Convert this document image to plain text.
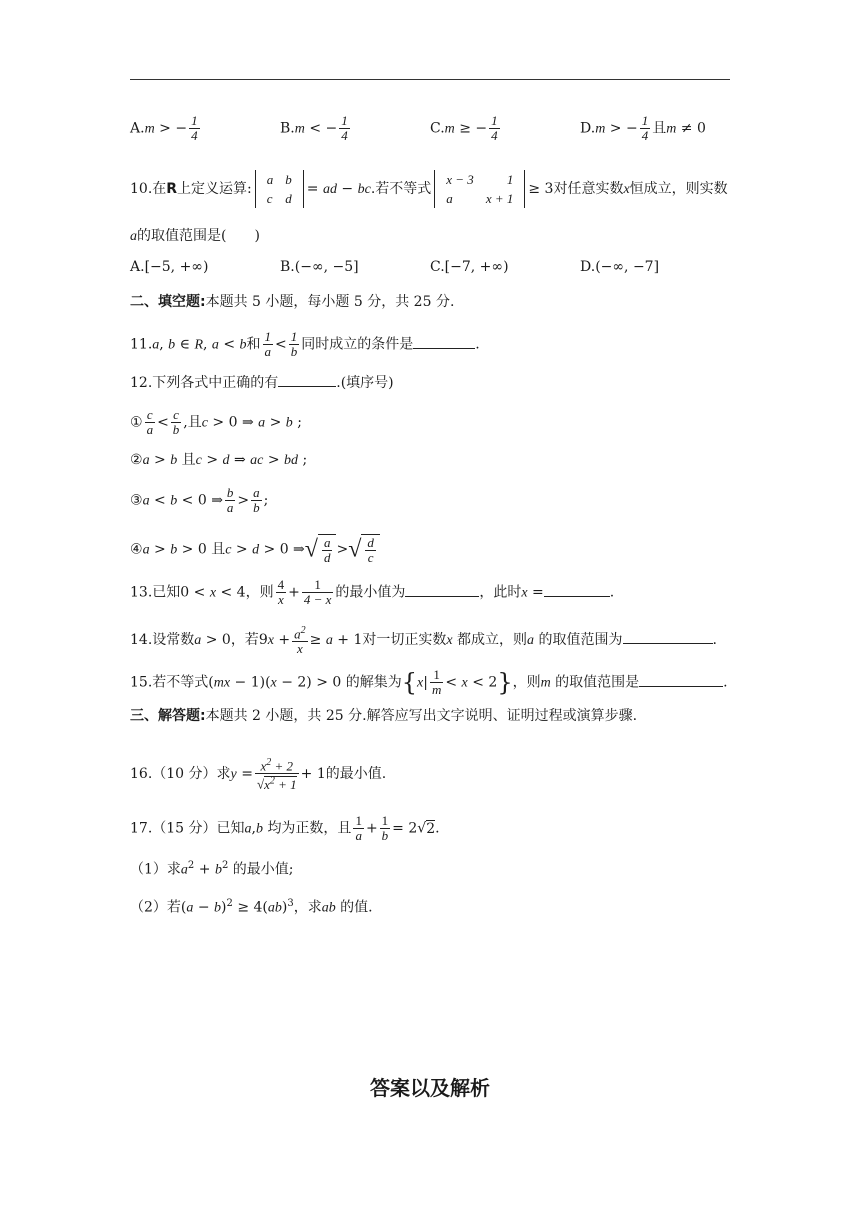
A.m > − $\frac{1}{4}$	B.m < − $\frac{1}{4}$	C.m ≥ − $\frac{1}{4}$	D.m > − $\frac{1}{4}$ 且m ≠ 0
10.在R上定义运算:
a	b
c	d
= ad − bc.若不等式
x − 3	1
a	x + 1
≥ 3对任意实数x恒成立，则实数
a的取值范围是(　　)
A.[−5, +∞)	B.(−∞, −5]	C.[−7, +∞)	D.(−∞, −7]
二、填空题:本题共 5 小题，每小题 5 分，共 25 分.
11.a, b ∈ R, a < b和 $\frac{1}{a} < \frac{1}{b}$ 同时成立的条件是	.
12.下列各式中正确的有	.(填序号)
① $\frac{c}{a} < \frac{c}{b}$ ,且c > 0 ⇒ a > b ;
②a > b 且c > d ⇒ ac > bd ;
③a < b < 0 ⇒ $\frac{b}{a} > \frac{a}{b}$ ;
④a > b > 0 且c > d > 0 ⇒√ $\frac{a}{d}$ >√ $\frac{d}{c}$
13.已知0 < x < 4，则 $\frac{4}{x} + \frac{1}{4 - x}$ 的最小值为	，此时x =	.
14.设常数a > 0，若$9x + \frac{a^2}{x} \ge a + 1$对一切正实数x 都成立，则a 的取值范围为	.
15.若不等式(mx − 1)(x − 2) > 0 的解集为$\{x| \frac{1}{m} < x < 2\}$，则m 的取值范围是	.
三、解答题:本题共 2 小题，共 25 分.解答应写出文字说明、证明过程或演算步骤.
16.（10 分）求$y = \frac{x^2 + 2}{√x^2 + 1} + 1$的最小值.
17.（15 分）已知a,b 均为正数，且 $\frac{1}{a} + \frac{1}{b} = 2√2$.
（1）求$a^2 + b^2$ 的最小值;
（2）若$(a - b)^2 \ge 4(ab)^3$，求ab 的值.
答案以及解析
